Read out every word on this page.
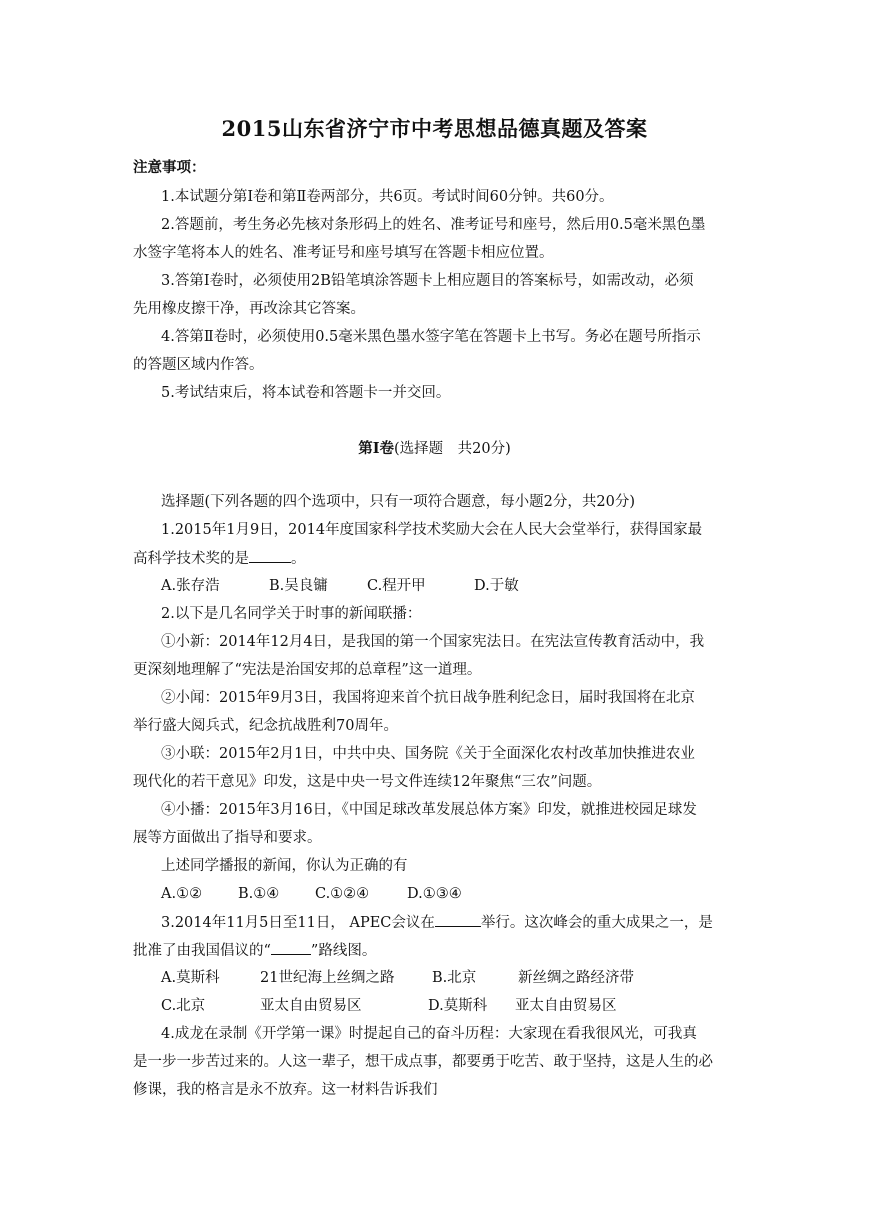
2015山东省济宁市中考思想品德真题及答案
注意事项：
1.本试题分第Ⅰ卷和第Ⅱ卷两部分，共6页。考试时间60分钟。共60分。
2.答题前，考生务必先核对条形码上的姓名、准考证号和座号，然后用0.5毫米黑色墨
水签字笔将本人的姓名、准考证号和座号填写在答题卡相应位置。
3.答第Ⅰ卷时，必须使用2B铅笔填涂答题卡上相应题目的答案标号，如需改动，必须
先用橡皮擦干净，再改涂其它答案。
4.答第Ⅱ卷时，必须使用0.5毫米黑色墨水签字笔在答题卡上书写。务必在题号所指示
的答题区域内作答。
5.考试结束后，将本试卷和答题卡一并交回。
第Ⅰ卷(选择题　共20分)
选择题(下列各题的四个选项中，只有一项符合题意，每小题2分，共20分)
1.2015年1月9日，2014年度国家科学技术奖励大会在人民大会堂举行，获得国家最
高科学技术奖的是	。
A.张存浩	B.吴良镛	C.程开甲	D.于敏
2.以下是几名同学关于时事的新闻联播：
①小新：2014年12月4日，是我国的第一个国家宪法日。在宪法宣传教育活动中，我
更深刻地理解了“宪法是治国安邦的总章程”这一道理。
②小闻：2015年9月3日，我国将迎来首个抗日战争胜利纪念日，届时我国将在北京
举行盛大阅兵式，纪念抗战胜利70周年。
③小联：2015年2月1日，中共中央、国务院《关于全面深化农村改革加快推进农业
现代化的若干意见》印发，这是中央一号文件连续12年聚焦“三农”问题。
④小播：2015年3月16日，《中国足球改革发展总体方案》印发，就推进校园足球发
展等方面做出了指导和要求。
上述同学播报的新闻，你认为正确的有
A.①② B.①④ C.①②④	D.①③④
3.2014年11月5日至11日， APEC会议在	举行。这次峰会的重大成果之一，是
批准了由我国倡议的“	”路线图。
A.莫斯科	21世纪海上丝绸之路	B.北京	新丝绸之路经济带
C.北京	亚太自由贸易区	D.莫斯科 亚太自由贸易区
4.成龙在录制《开学第一课》时提起自己的奋斗历程：大家现在看我很风光，可我真
是一步一步苦过来的。人这一辈子，想干成点事，都要勇于吃苦、敢于坚持，这是人生的必
修课，我的格言是永不放弃。这一材料告诉我们
